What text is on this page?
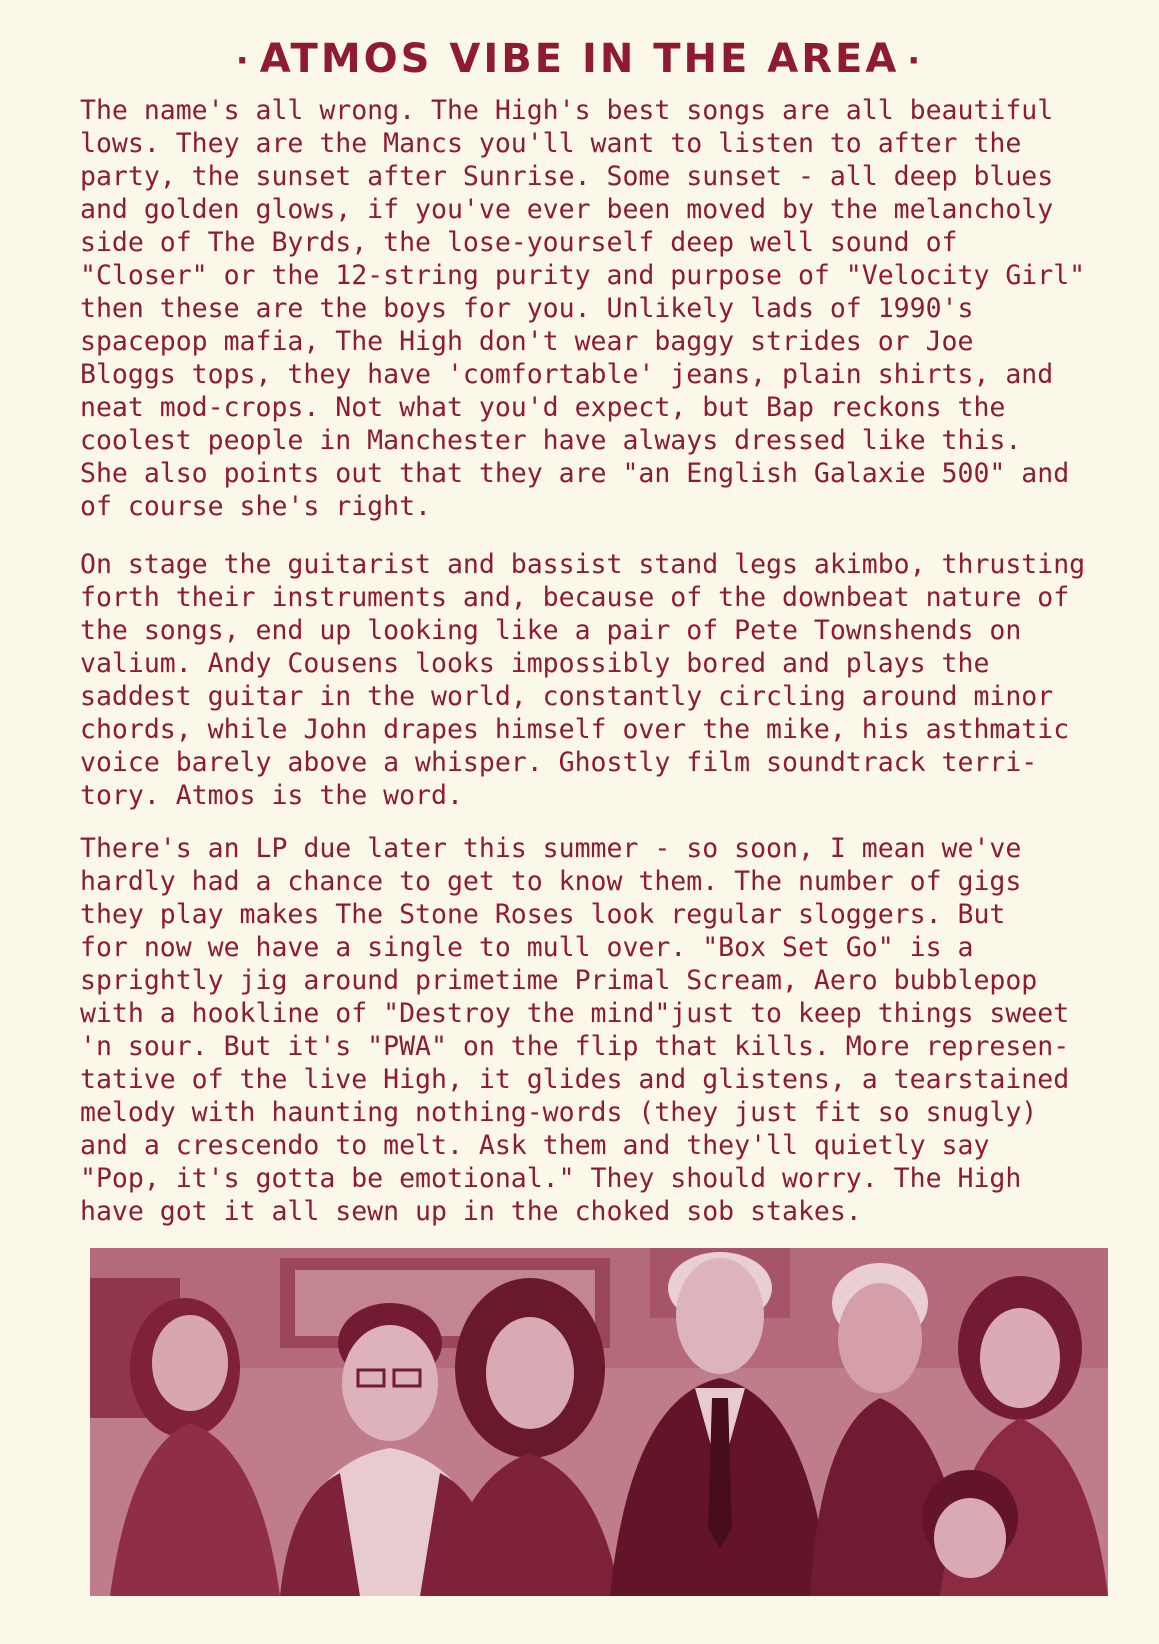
· ATMOS VIBE IN THE AREA ·

The name's all wrong. The High's best songs are all beautiful
lows. They are the Mancs you'll want to listen to after the
party, the sunset after Sunrise. Some sunset - all deep blues
and golden glows, if you've ever been moved by the melancholy
side of The Byrds, the lose-yourself deep well sound of
"Closer" or the 12-string purity and purpose of "Velocity Girl"
then these are the boys for you. Unlikely lads of 1990's
spacepop mafia, The High don't wear baggy strides or Joe
Bloggs tops, they have 'comfortable' jeans, plain shirts, and
neat mod-crops. Not what you'd expect, but Bap reckons the
coolest people in Manchester have always dressed like this.
She also points out that they are "an English Galaxie 500" and
of course she's right.

On stage the guitarist and bassist stand legs akimbo, thrusting
forth their instruments and, because of the downbeat nature of
the songs, end up looking like a pair of Pete Townshends on
valium. Andy Cousens looks impossibly bored and plays the
saddest guitar in the world, constantly circling around minor
chords, while John drapes himself over the mike, his asthmatic
voice barely above a whisper. Ghostly film soundtrack terri-
tory. Atmos is the word.

There's an LP due later this summer - so soon, I mean we've
hardly had a chance to get to know them. The number of gigs
they play makes The Stone Roses look regular sloggers. But
for now we have a single to mull over. "Box Set Go" is a
sprightly jig around primetime Primal Scream, Aero bubblepop
with a hookline of "Destroy the mind"just to keep things sweet
'n sour. But it's "PWA" on the flip that kills. More represen-
tative of the live High, it glides and glistens, a tearstained
melody with haunting nothing-words (they just fit so snugly)
and a crescendo to melt. Ask them and they'll quietly say
"Pop, it's gotta be emotional." They should worry. The High
have got it all sewn up in the choked sob stakes.
